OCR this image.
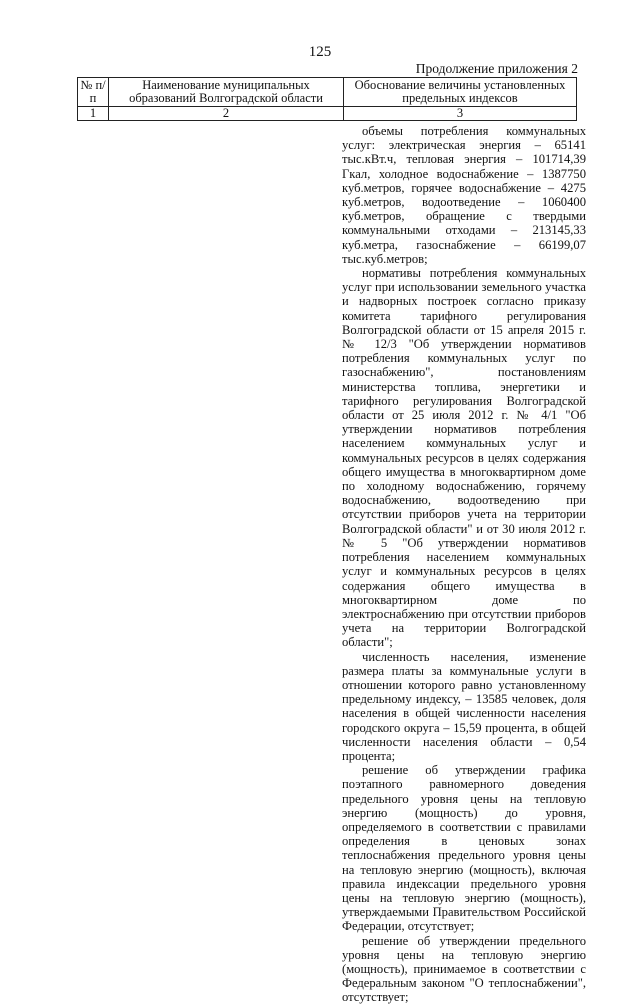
125
Продолжение приложения 2
№ п/п	Наименование муниципальных образований Волгоградской области	Обоснование величины установленных предельных индексов
1	2	3

объемы потребления коммунальных услуг: электрическая энергия – 65141 тыс.кВт.ч, тепловая энергия – 101714,39 Гкал, холодное водоснабжение – 1387750 куб.метров, горячее водоснабжение – 4275 куб.метров, водоотведение – 1060400 куб.метров, обращение с твердыми коммунальными отходами – 213145,33 куб.метра, газоснабжение – 66199,07 тыс.куб.метров;

нормативы потребления коммунальных услуг при использовании земельного участка и надворных построек согласно приказу комитета тарифного регулирования Волгоградской области от 15 апреля 2015 г. № 12/3 "Об утверждении нормативов потребления коммунальных услуг по газоснабжению", постановлениям министерства топлива, энергетики и тарифного регулирования Волгоградской области от 25 июля 2012 г. № 4/1 "Об утверждении нормативов потребления населением коммунальных услуг и коммунальных ресурсов в целях содержания общего имущества в многоквартирном доме по холодному водоснабжению, горячему водоснабжению, водоотведению при отсутствии приборов учета на территории Волгоградской области" и от 30 июля 2012 г. № 5 "Об утверждении нормативов потребления населением коммунальных услуг и коммунальных ресурсов в целях содержания общего имущества в многоквартирном доме по электроснабжению при отсутствии приборов учета на территории Волгоградской области";

численность населения, изменение размера платы за коммунальные услуги в отношении которого равно установленному предельному индексу, – 13585 человек, доля населения в общей численности населения городского округа – 15,59 процента, в общей численности населения области – 0,54 процента;

решение об утверждении графика поэтапного равномерного доведения предельного уровня цены на тепловую энергию (мощность) до уровня, определяемого в соответствии с правилами определения в ценовых зонах теплоснабжения предельного уровня цены на тепловую энергию (мощность), включая правила индексации предельного уровня цены на тепловую энергию (мощность), утверждаемыми Правительством Российской Федерации, отсутствует;

решение об утверждении предельного уровня цены на тепловую энергию (мощность), принимаемое в соответствии с Федеральным законом "О теплоснабжении", отсутствует;
